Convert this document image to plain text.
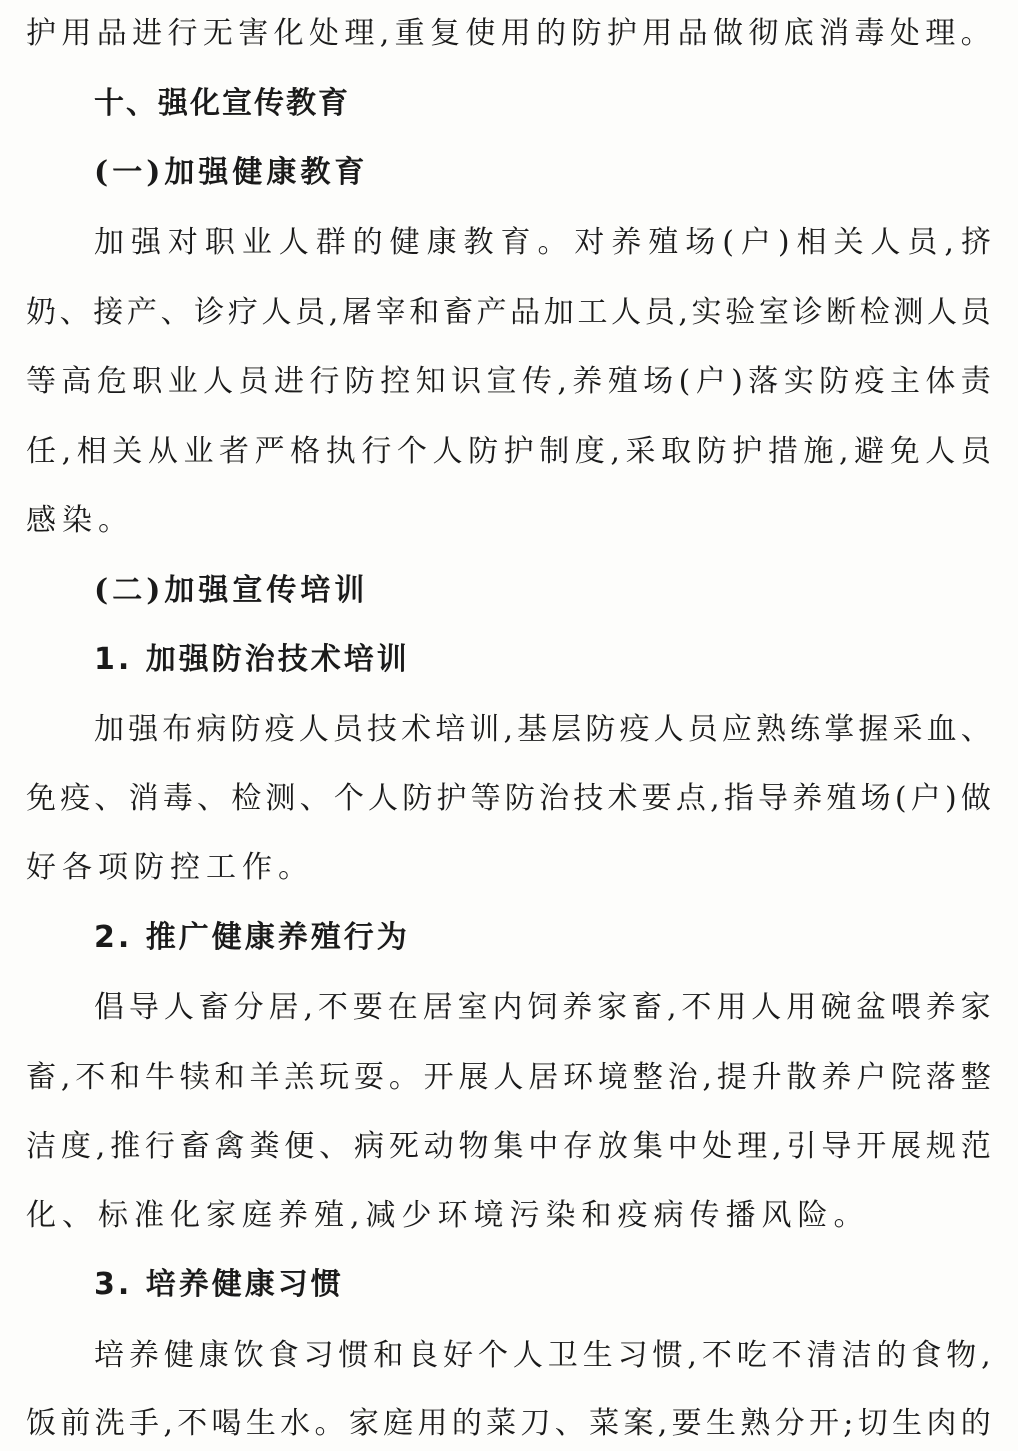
护 用 品 进 行 无 害 化 处 理 , 重 复 使 用 的 防 护 用 品 做 彻 底 消 毒 处 理 。
十、强化宣传教育
(一)加强健康教育
加 强 对 职 业 人 群 的 健 康 教 育 。 对 养 殖 场 ( 户 ) 相 关 人 员 , 挤
奶 、 接 产 、 诊 疗 人 员 , 屠 宰 和 畜 产 品 加 工 人 员 , 实 验 室 诊 断 检 测 人 员
等 高 危 职 业 人 员 进 行 防 控 知 识 宣 传 , 养 殖 场 ( 户 ) 落 实 防 疫 主 体 责
任 , 相 关 从 业 者 严 格 执 行 个 人 防 护 制 度 , 采 取 防 护 措 施 , 避 免 人 员
感染。
(二)加强宣传培训
1. 加强防治技术培训
加 强 布 病 防 疫 人 员 技 术 培 训 , 基 层 防 疫 人 员 应 熟 练 掌 握 采 血 、
免 疫 、 消 毒 、 检 测 、 个 人 防 护 等 防 治 技 术 要 点 , 指 导 养 殖 场 ( 户 ) 做
好各项防控工作。
2. 推广健康养殖行为
倡 导 人 畜 分 居 , 不 要 在 居 室 内 饲 养 家 畜 , 不 用 人 用 碗 盆 喂 养 家
畜 , 不 和 牛 犊 和 羊 羔 玩 耍 。 开 展 人 居 环 境 整 治 , 提 升 散 养 户 院 落 整
洁 度 , 推 行 畜 禽 粪 便 、 病 死 动 物 集 中 存 放 集 中 处 理 , 引 导 开 展 规 范
化、标准化家庭养殖,减少环境污染和疫病传播风险。
3. 培养健康习惯
培 养 健 康 饮 食 习 惯 和 良 好 个 人 卫 生 习 惯 , 不 吃 不 清 洁 的 食 物 ,
饭 前 洗 手 , 不 喝 生 水 。 家 庭 用 的 菜 刀 、 菜 案 , 要 生 熟 分 开 ; 切 生 肉 的
